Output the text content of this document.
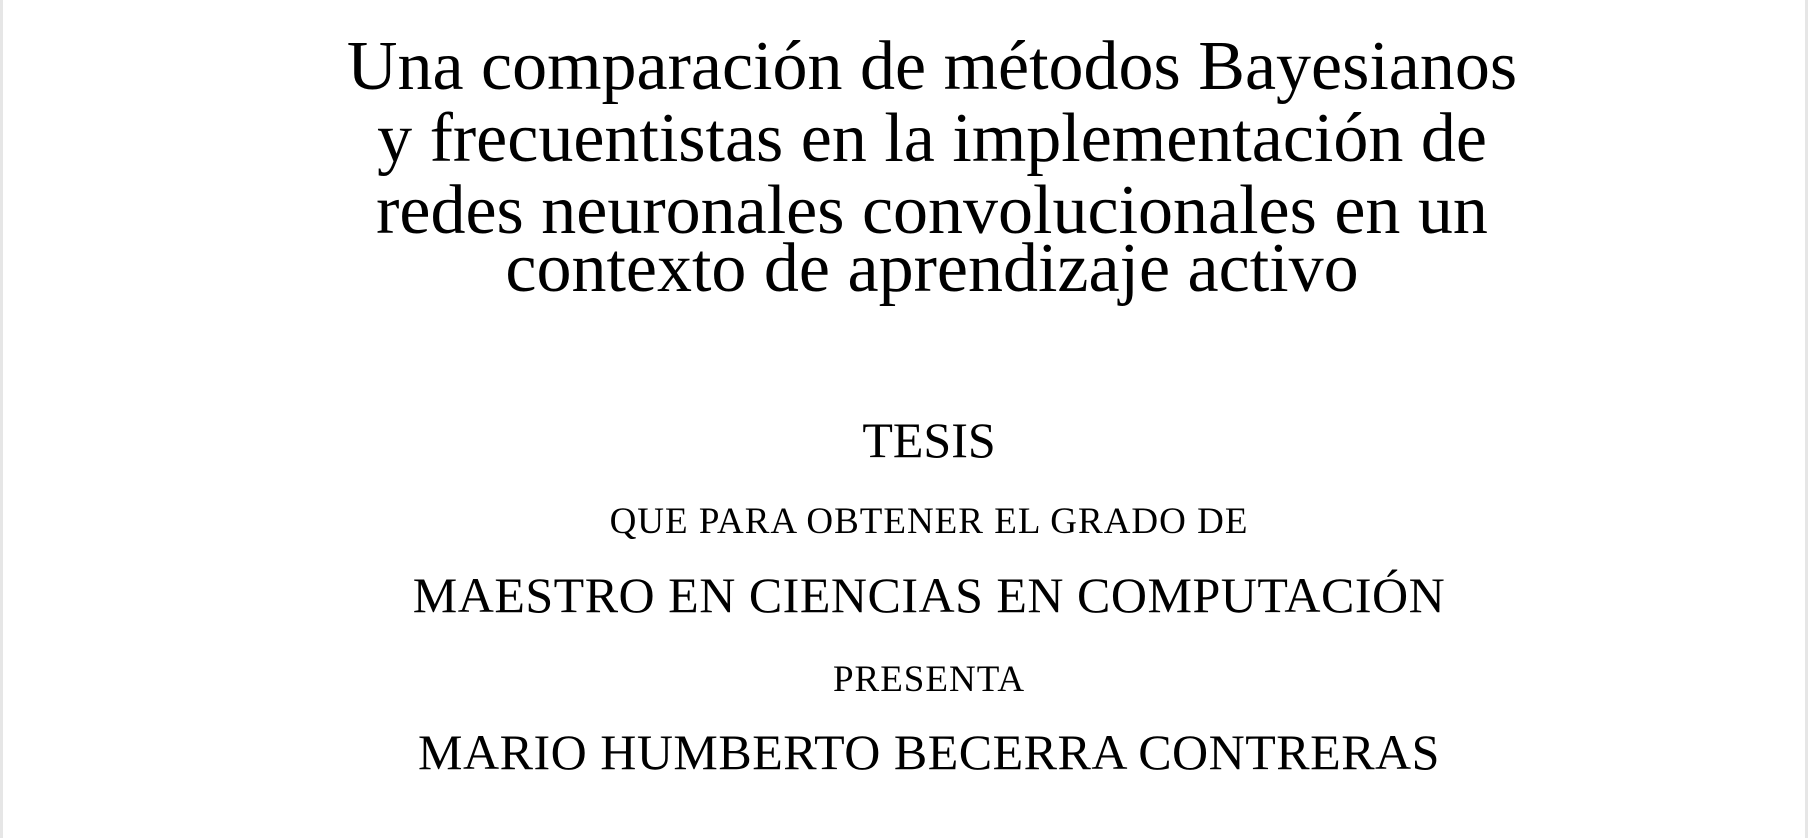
Una comparación de métodos Bayesianos
y frecuentistas en la implementación de
redes neuronales convolucionales en un
contexto de aprendizaje activo
TESIS
QUE PARA OBTENER EL GRADO DE
MAESTRO EN CIENCIAS EN COMPUTACIÓN
PRESENTA
MARIO HUMBERTO BECERRA CONTRERAS
